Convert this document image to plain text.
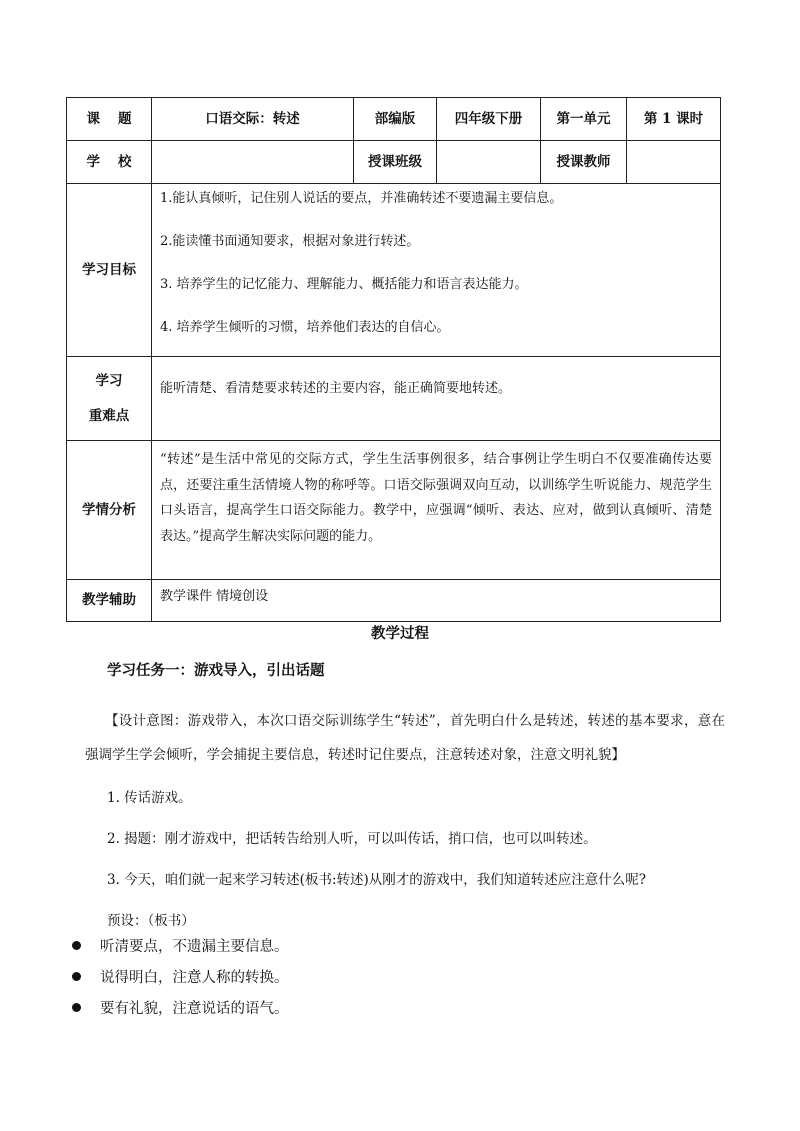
课题	口语交际：转述	部编版	四年级下册	第一单元	第 1 课时
学校		授课班级		授课教师	
学习目标	1.能认真倾听，记住别人说话的要点，并准确转述不要遗漏主要信息。

2.能读懂书面通知要求，根据对象进行转述。

3. 培养学生的记忆能力、理解能力、概括能力和语言表达能力。

4. 培养学生倾听的习惯，培养他们表达的自信心。				

学习
重难点	能听清楚、看清楚要求转述的主要内容，能正确简要地转述。				

学情分析	“转述”是生活中常见的交际方式，学生生活事例很多，结合事例让学生明白不仅要准确传达要点，还要注重生活情境人物的称呼等。口语交际强调双向互动，以训练学生听说能力、规范学生口头语言，提高学生口语交际能力。教学中，应强调“倾听、表达、应对，做到认真倾听、清楚表达。”提高学生解决实际问题的能力。				

教学辅助	教学课件 情境创设				

教学过程

学习任务一：游戏导入，引出话题

【设计意图：游戏带入，本次口语交际训练学生“转述”，首先明白什么是转述，转述的基本要求，意在强调学生学会倾听，学会捕捉主要信息，转述时记住要点，注意转述对象，注意文明礼貌】

1. 传话游戏。

2. 揭题：刚才游戏中，把话转告给别人听，可以叫传话，捎口信，也可以叫转述。

3. 今天，咱们就一起来学习转述(板书:转述)从刚才的游戏中，我们知道转述应注意什么呢?

预设：（板书）

听清要点，不遗漏主要信息。
说得明白，注意人称的转换。
要有礼貌，注意说话的语气。
